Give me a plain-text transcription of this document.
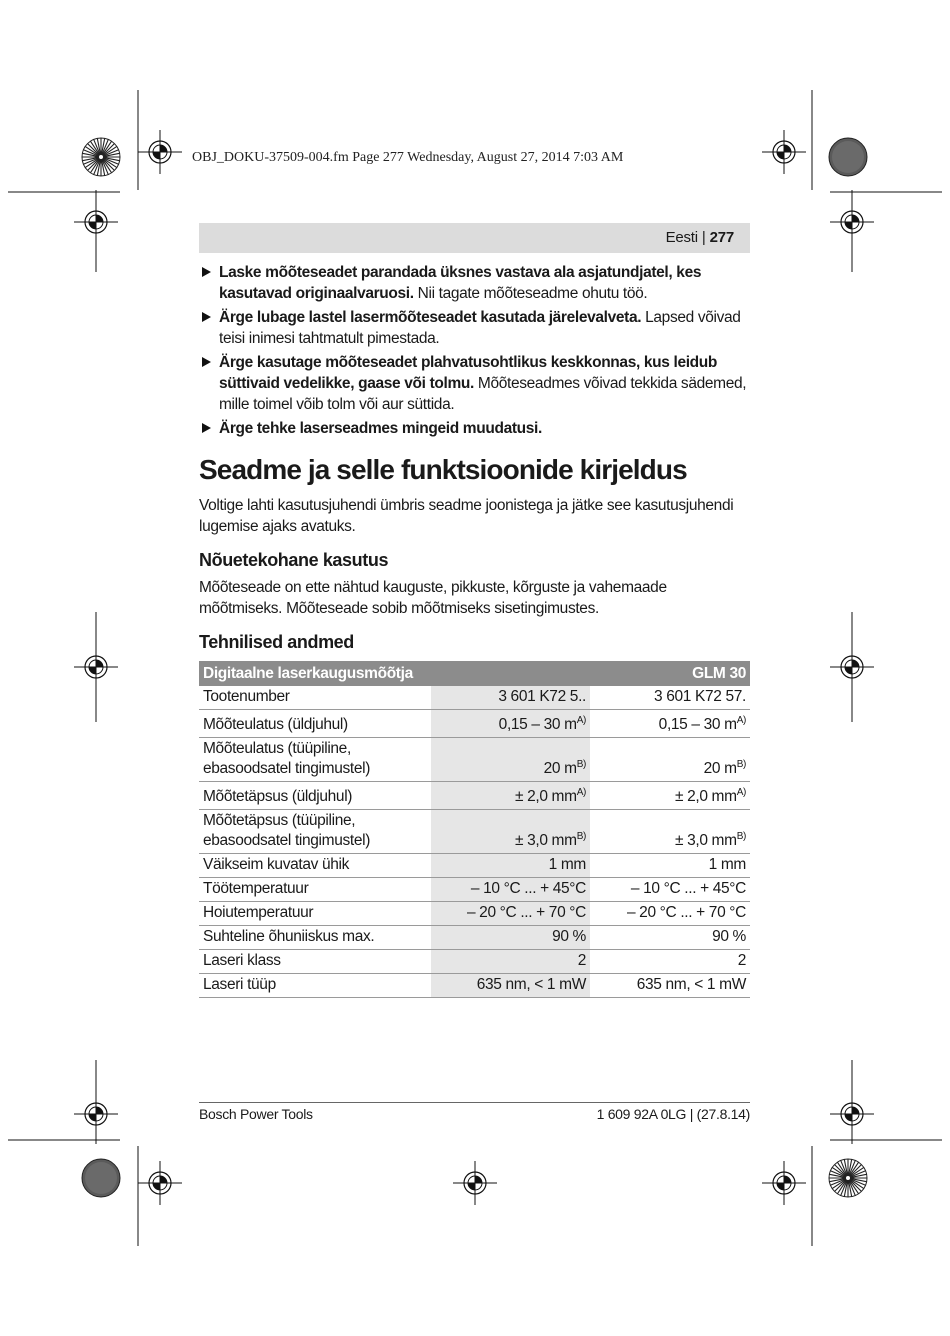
OBJ_DOKU-37509-004.fm Page 277 Wednesday, August 27, 2014 7:03 AM
Eesti | 277
Laske mõõteseadet parandada üksnes vastava ala asjatundjatel, kes kasutavad originaalvaruosi. Nii tagate mõõteseadme ohutu töö.
Ärge lubage lastel lasermõõteseadet kasutada järelevalveta. Lapsed võivad teisi inimesi tahtmatult pimestada.
Ärge kasutage mõõteseadet plahvatusohtlikus keskkonnas, kus leidub süttivaid vedelikke, gaase või tolmu. Mõõteseadmes võivad tekkida sädemed, mille toimel võib tolm või aur süttida.
Ärge tehke laserseadmes mingeid muudatusi.
Seadme ja selle funktsioonide kirjeldus

Voltige lahti kasutusjuhendi ümbris seadme joonistega ja jätke see kasutusjuhendi lugemise ajaks avatuks.

Nõuetekohane kasutus

Mõõteseade on ette nähtud kauguste, pikkuste, kõrguste ja vahemaade mõõtmiseks. Mõõteseade sobib mõõtmiseks sisetingimustes.

Tehnilised andmed
Digitaalne laserkaugusmõõtja		GLM 30
Tootenumber	3 601 K72 5..	3 601 K72 57.
Mõõteulatus (üldjuhul)	0,15 – 30 $m^{A)}$	0,15 – 30 $m^{A)}$
Mõõteulatus (tüüpiline, ebasoodsatel tingimustel)	20 $m^{B)}$	20 $m^{B)}$
Mõõtetäpsus (üldjuhul)	± 2,0 $mm^{A)}$	± 2,0 $mm^{A)}$
Mõõtetäpsus (tüüpiline, ebasoodsatel tingimustel)	± 3,0 $mm^{B)}$	± 3,0 $mm^{B)}$
Väikseim kuvatav ühik	1 mm	1 mm
Töötemperatuur	– 10 °C ... + 45°C	– 10 °C ... + 45°C
Hoiutemperatuur	– 20 °C ... + 70 °C	– 20 °C ... + 70 °C
Suhteline õhuniiskus max.	90 %	90 %
Laseri klass	2	2
Laseri tüüp	635 nm, < 1 mW	635 nm, < 1 mW
Bosch Power Tools	1 609 92A 0LG | (27.8.14)
